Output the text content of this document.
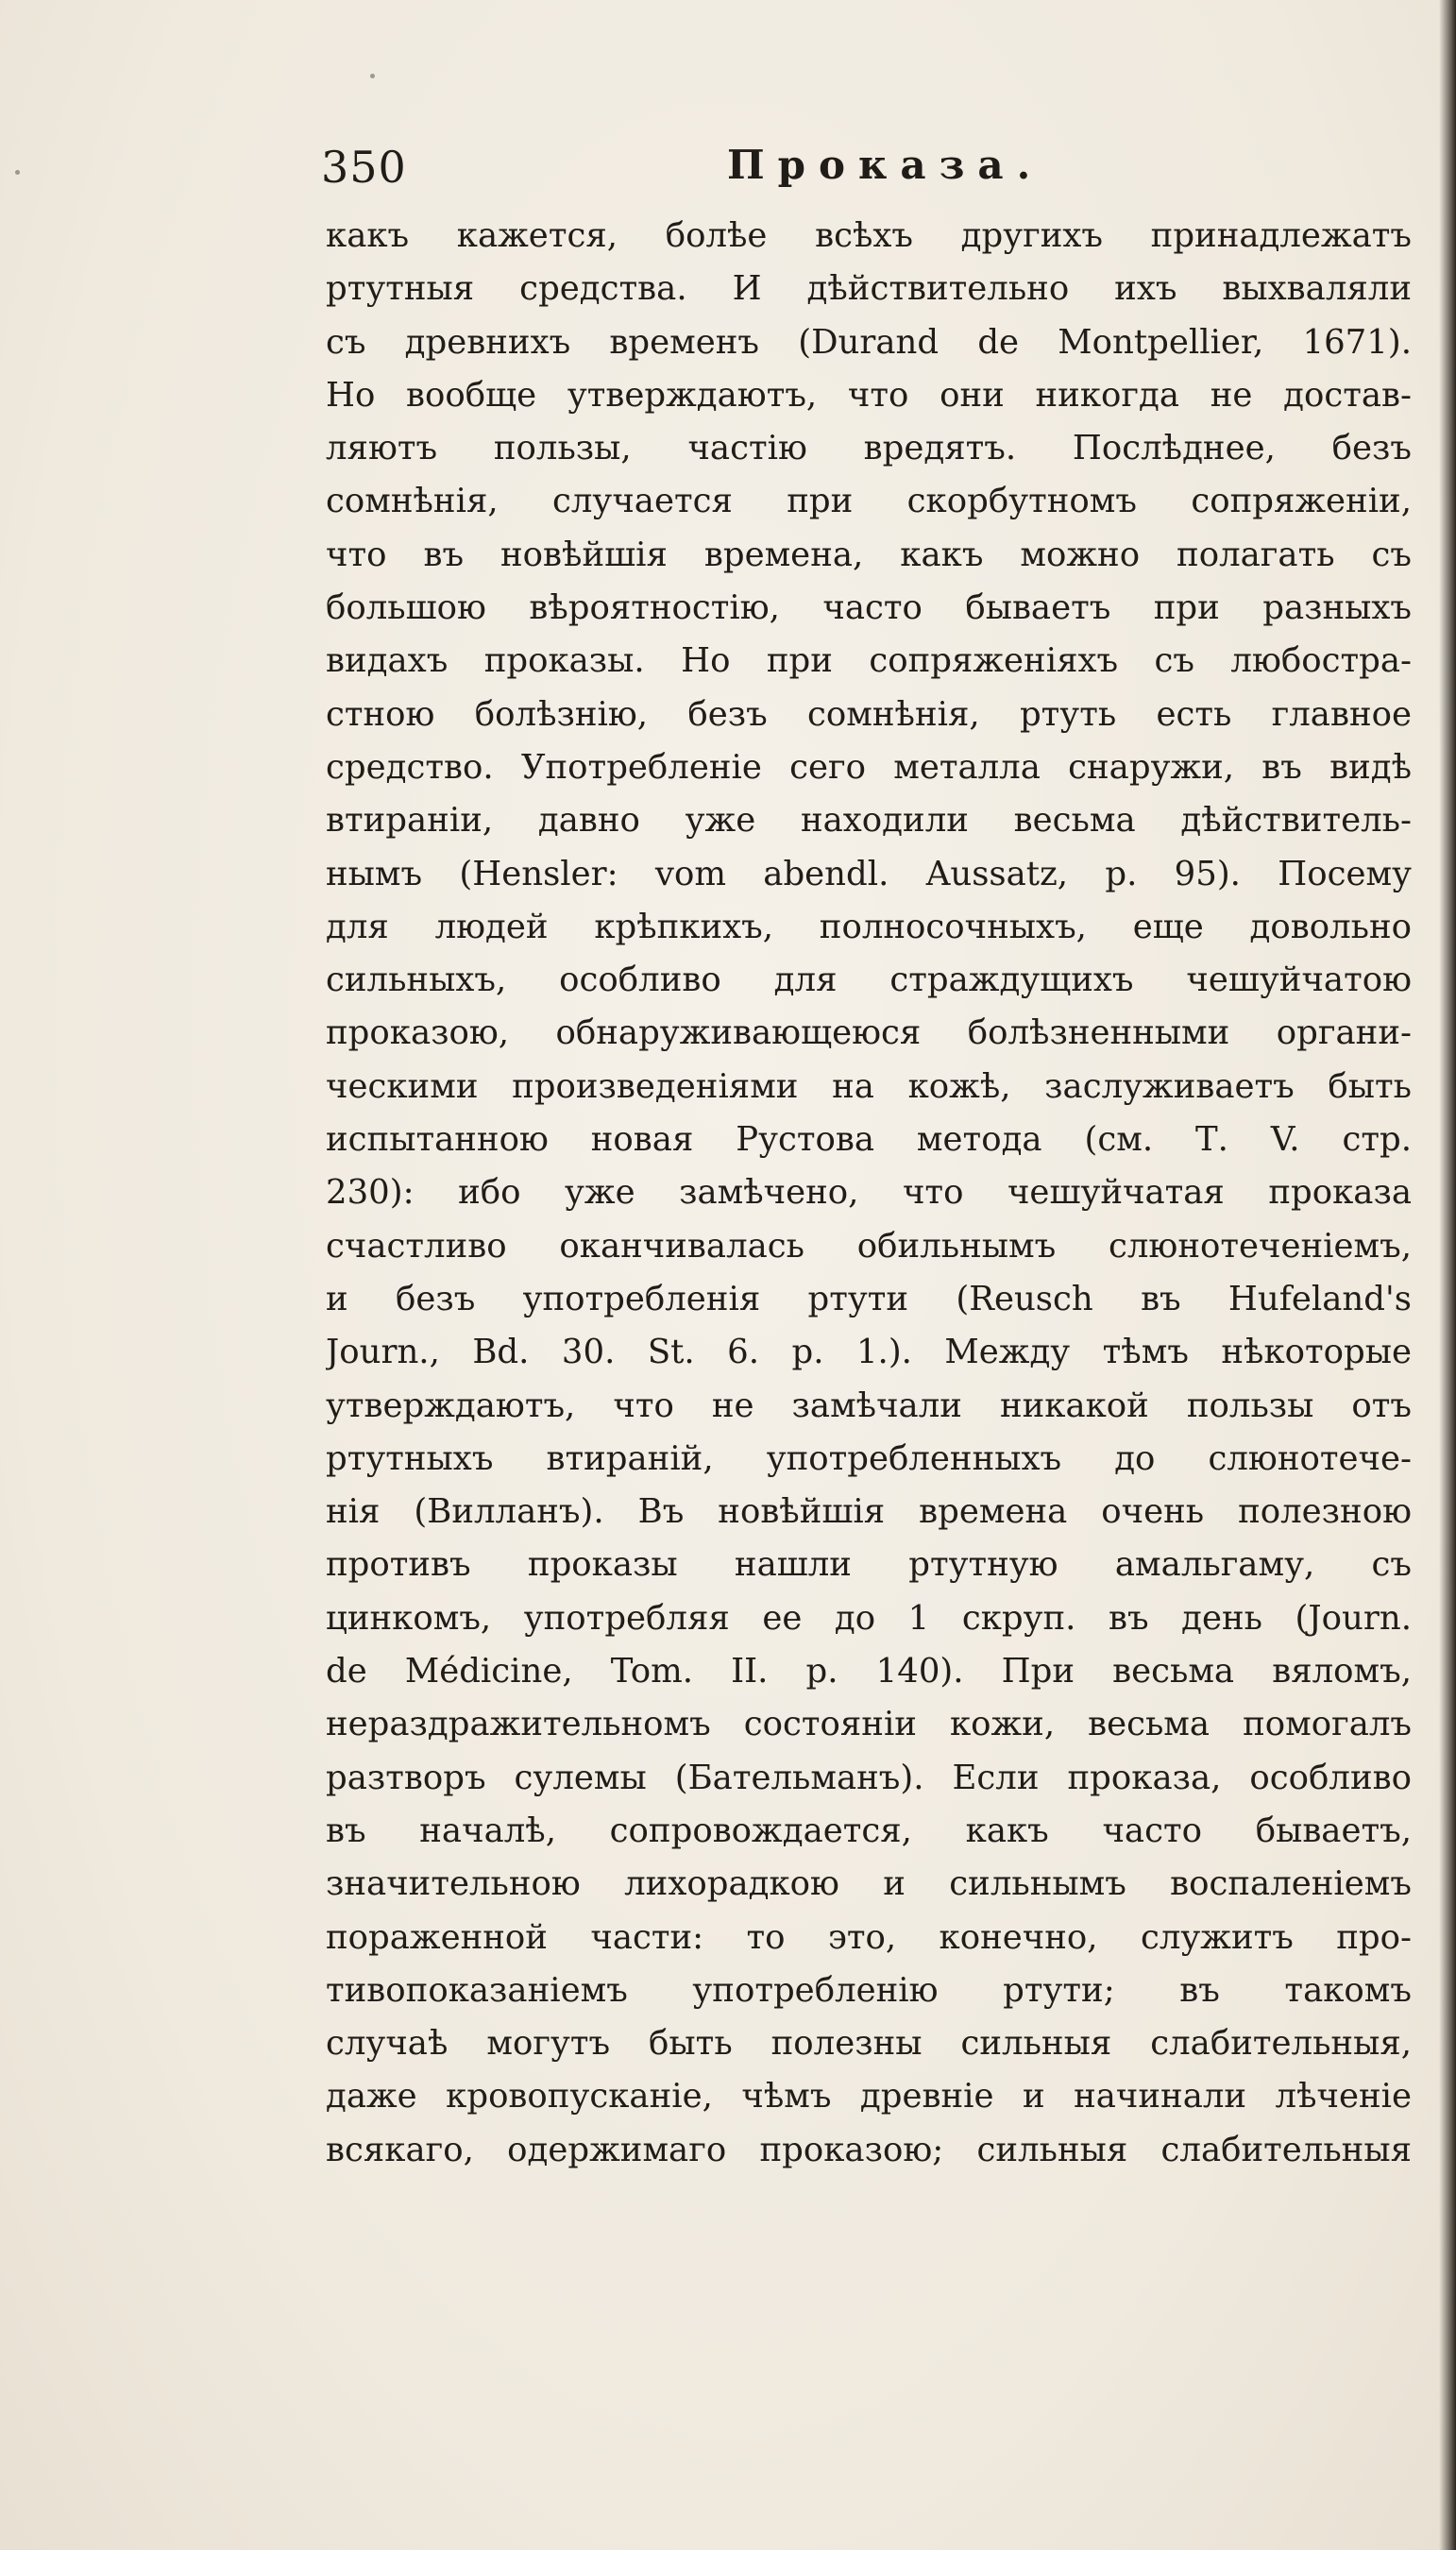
350	Проказа.
какъ кажется, болѣе всѣхъ другихъ принадлежатъ
ртутныя средства. И дѣйствительно ихъ выхваляли
съ древнихъ временъ (Durand de Montpellier, 1671).
Но вообще утверждаютъ, что они никогда не достав-
ляютъ пользы, частію вредятъ. Послѣднее, безъ
сомнѣнія, случается при скорбутномъ сопряженіи,
что въ новѣйшія времена, какъ можно полагать съ
большою вѣроятностію, часто бываетъ при разныхъ
видахъ проказы. Но при сопряженіяхъ съ любостра-
стною болѣзнію, безъ сомнѣнія, ртуть есть главное
средство. Употребленіе сего металла снаружи, въ видѣ
втираніи, давно уже находили весьма дѣйствитель-
нымъ (Hensler: vom abendl. Aussatz, p. 95). Посему
для людей крѣпкихъ, полносочныхъ, еще довольно
сильныхъ, особливо для страждущихъ чешуйчатою
проказою, обнаруживающеюся болѣзненными органи-
ческими произведеніями на кожѣ, заслуживаетъ быть
испытанною новая Рустова метода (см. Т. V. стр.
230): ибо уже замѣчено, что чешуйчатая проказа
счастливо оканчивалась обильнымъ слюнотеченіемъ,
и безъ употребленія ртути (Reusch въ Hufeland's
Journ., Bd. 30. St. 6. p. 1.). Между тѣмъ нѣкоторые
утверждаютъ, что не замѣчали никакой пользы отъ
ртутныхъ втираній, употребленныхъ до слюнотече-
нія (Вилланъ). Въ новѣйшія времена очень полезною
противъ проказы нашли ртутную амальгаму, съ
цинкомъ, употребляя ее до 1 скруп. въ день (Journ.
de Médicine, Tom. II. p. 140). При весьма вяломъ,
нераздражительномъ состояніи кожи, весьма помогалъ
разтворъ сулемы (Бательманъ). Если проказа, особливо
въ началѣ, сопровождается, какъ часто бываетъ,
значительною лихорадкою и сильнымъ воспаленіемъ
пораженной части: то это, конечно, служитъ про-
тивопоказаніемъ употребленію ртути; въ такомъ
случаѣ могутъ быть полезны сильныя слабительныя,
даже кровопусканіе, чѣмъ древніе и начинали лѣченіе
всякаго, одержимаго проказою; сильныя слабительныя
